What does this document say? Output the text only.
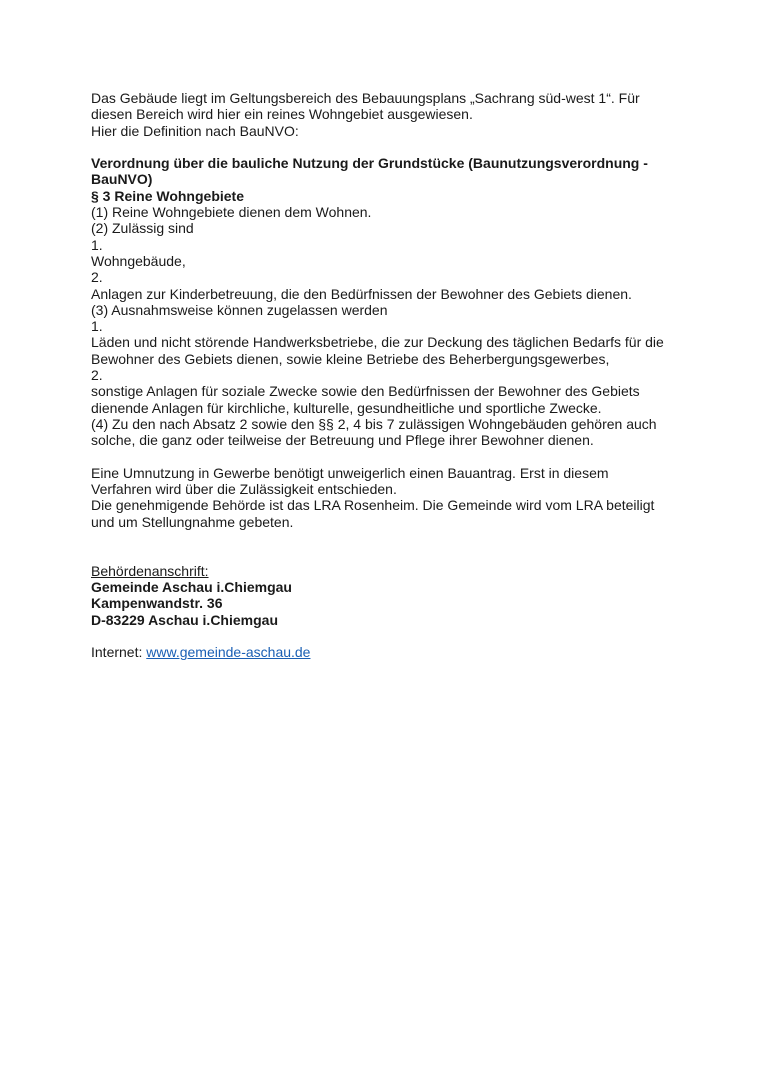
Das Gebäude liegt im Geltungsbereich des Bebauungsplans „Sachrang süd-west 1“. Für
diesen Bereich wird hier ein reines Wohngebiet ausgewiesen.
Hier die Definition nach BauNVO:
Verordnung über die bauliche Nutzung der Grundstücke (Baunutzungsverordnung -
BauNVO)
§ 3 Reine Wohngebiete
(1) Reine Wohngebiete dienen dem Wohnen.
(2) Zulässig sind
1.
Wohngebäude,
2.
Anlagen zur Kinderbetreuung, die den Bedürfnissen der Bewohner des Gebiets dienen.
(3) Ausnahmsweise können zugelassen werden
1.
Läden und nicht störende Handwerksbetriebe, die zur Deckung des täglichen Bedarfs für die
Bewohner des Gebiets dienen, sowie kleine Betriebe des Beherbergungsgewerbes,
2.
sonstige Anlagen für soziale Zwecke sowie den Bedürfnissen der Bewohner des Gebiets
dienende Anlagen für kirchliche, kulturelle, gesundheitliche und sportliche Zwecke.
(4) Zu den nach Absatz 2 sowie den §§ 2, 4 bis 7 zulässigen Wohngebäuden gehören auch
solche, die ganz oder teilweise der Betreuung und Pflege ihrer Bewohner dienen.
Eine Umnutzung in Gewerbe benötigt unweigerlich einen Bauantrag. Erst in diesem
Verfahren wird über die Zulässigkeit entschieden.
Die genehmigende Behörde ist das LRA Rosenheim. Die Gemeinde wird vom LRA beteiligt
und um Stellungnahme gebeten.
Behördenanschrift:
Gemeinde Aschau i.Chiemgau
Kampenwandstr. 36
D-83229 Aschau i.Chiemgau
Internet: www.gemeinde-aschau.de
